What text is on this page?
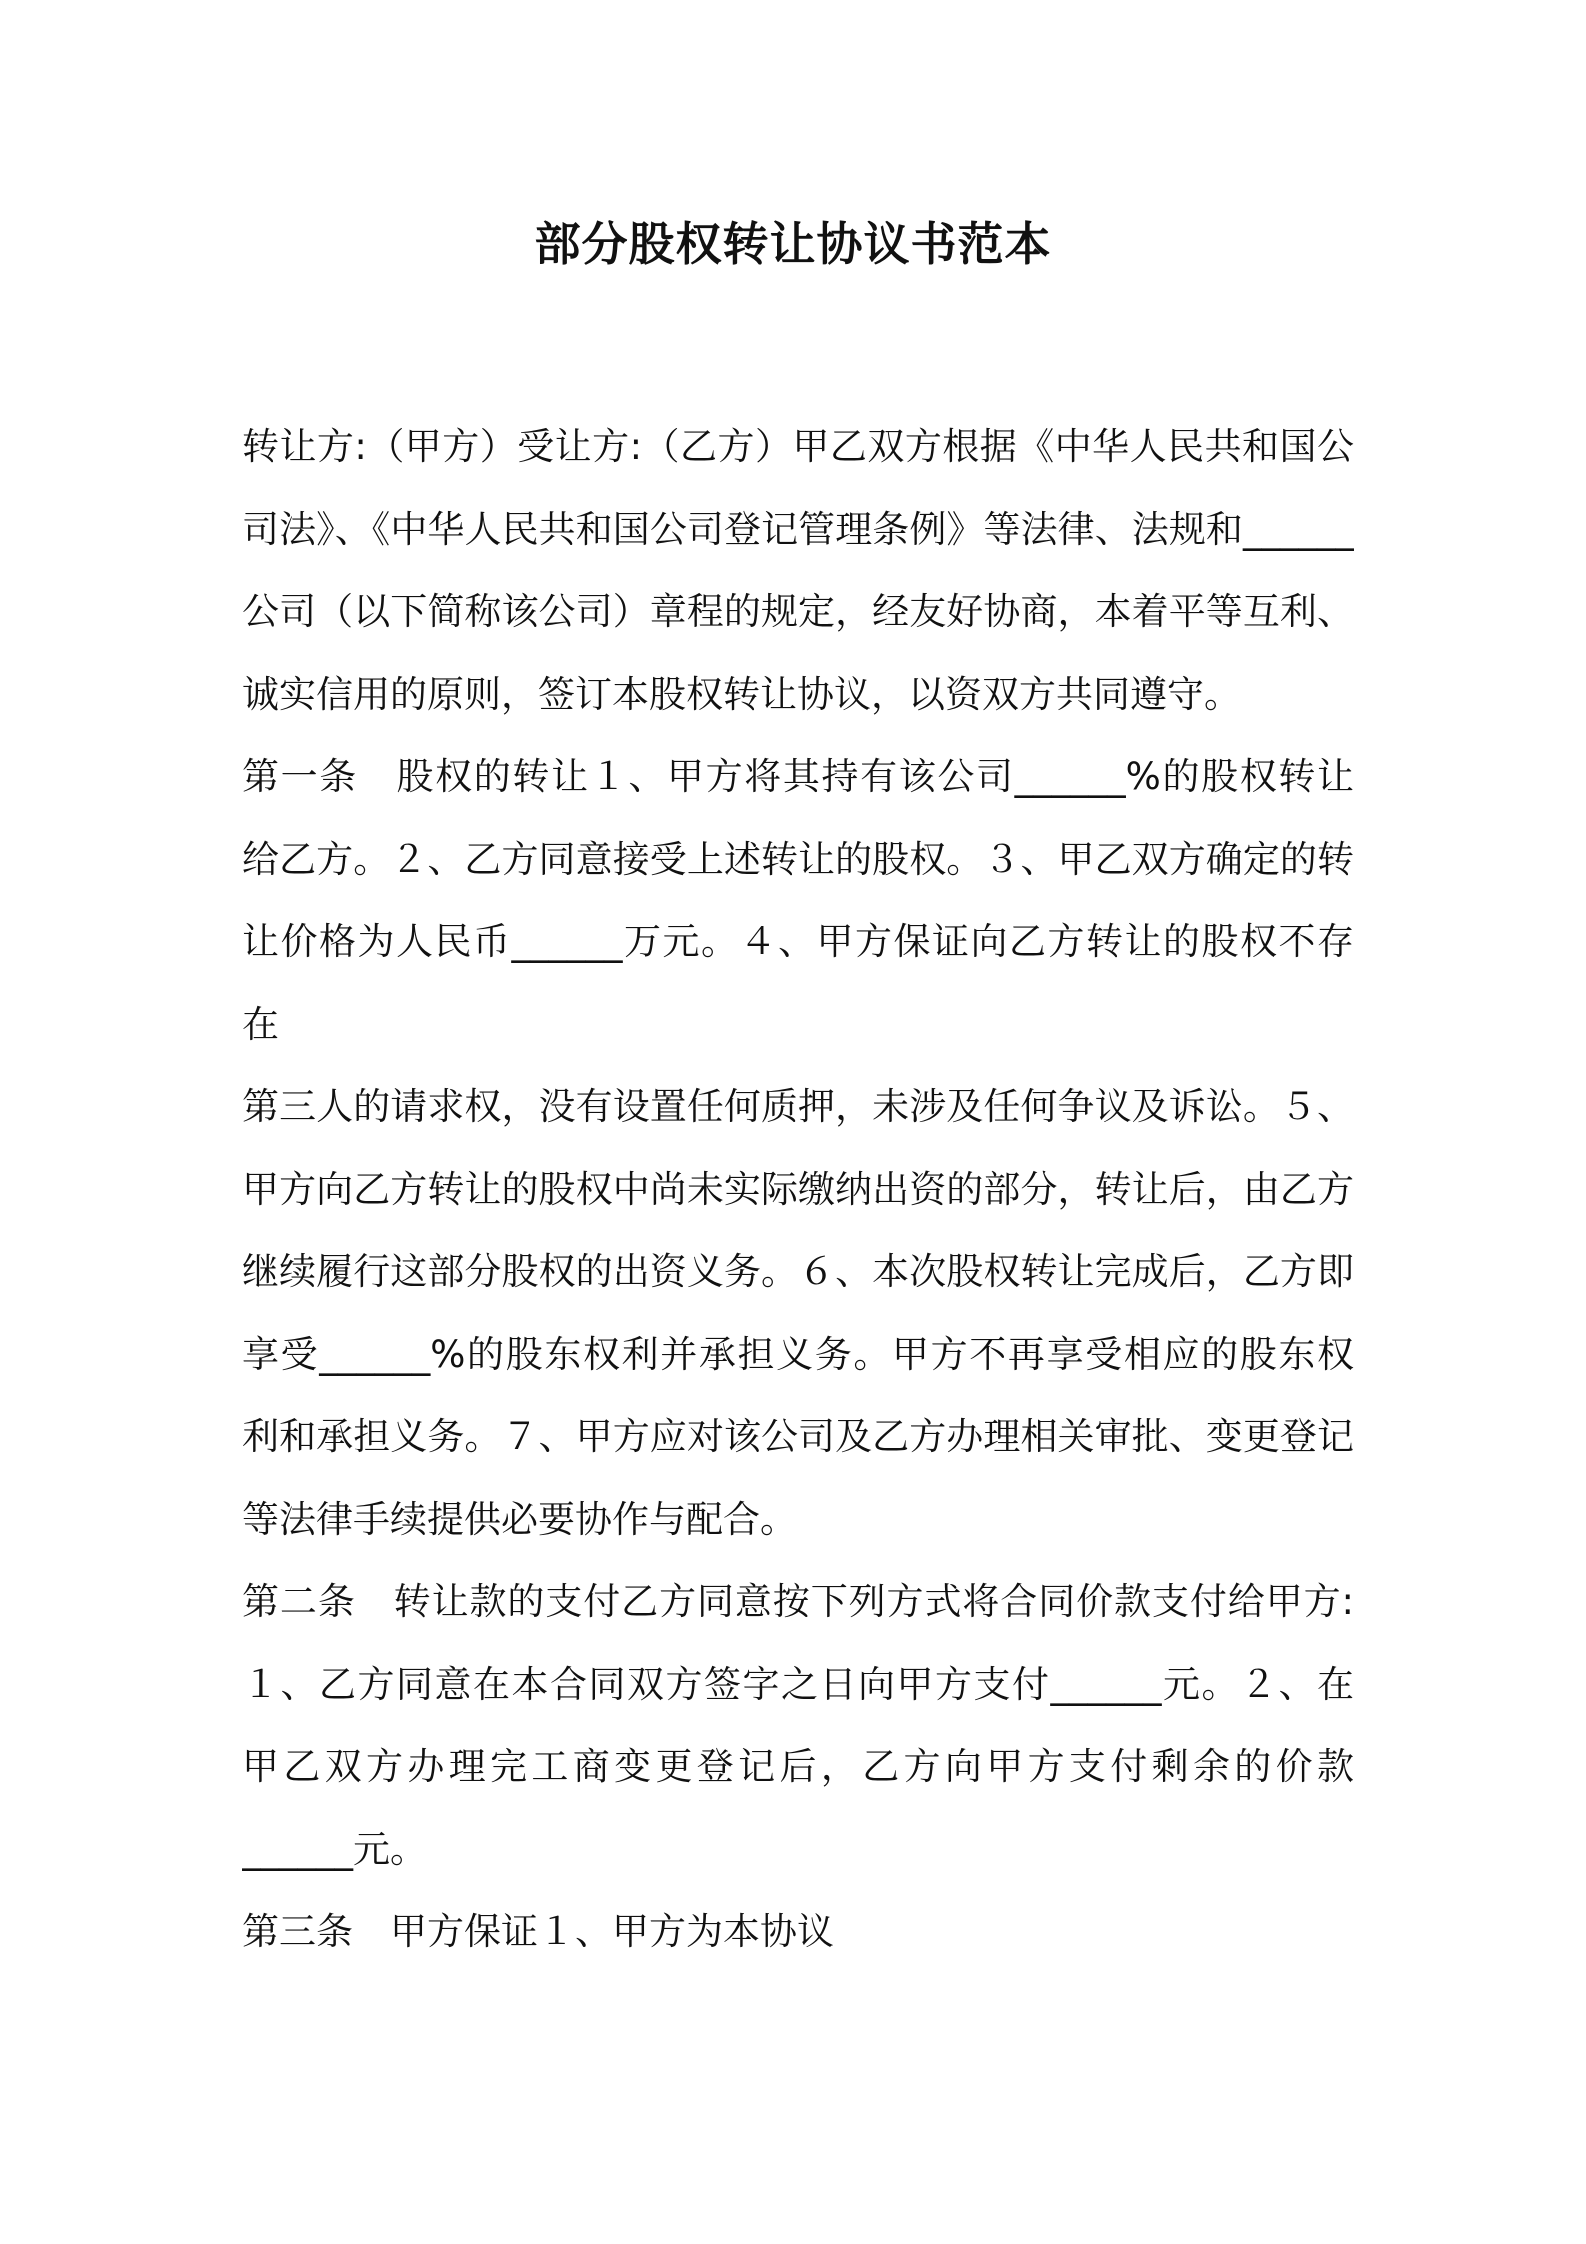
部分股权转让协议书范本
转让方:（甲方）受让方:（乙方）甲乙双方根据《中华人民共和国公
司法》、《中华人民共和国公司登记管理条例》等法律、法规和______
公司（以下简称该公司）章程的规定，经友好协商，本着平等互利、
诚实信用的原则，签订本股权转让协议，以资双方共同遵守。
第一条　股权的转让１、甲方将其持有该公司______%的股权转让
给乙方。２、乙方同意接受上述转让的股权。３、甲乙双方确定的转
让价格为人民币______万元。４、甲方保证向乙方转让的股权不存
在
第三人的请求权，没有设置任何质押，未涉及任何争议及诉讼。５、
甲方向乙方转让的股权中尚未实际缴纳出资的部分，转让后，由乙方
继续履行这部分股权的出资义务。６、本次股权转让完成后，乙方即
享受______%的股东权利并承担义务。甲方不再享受相应的股东权
利和承担义务。７、甲方应对该公司及乙方办理相关审批、变更登记
等法律手续提供必要协作与配合。
第二条　转让款的支付乙方同意按下列方式将合同价款支付给甲方:
１、乙方同意在本合同双方签字之日向甲方支付______元。２、在
甲乙双方办理完工商变更登记后，乙方向甲方支付剩余的价款
______元。
第三条　甲方保证１、甲方为本协议
